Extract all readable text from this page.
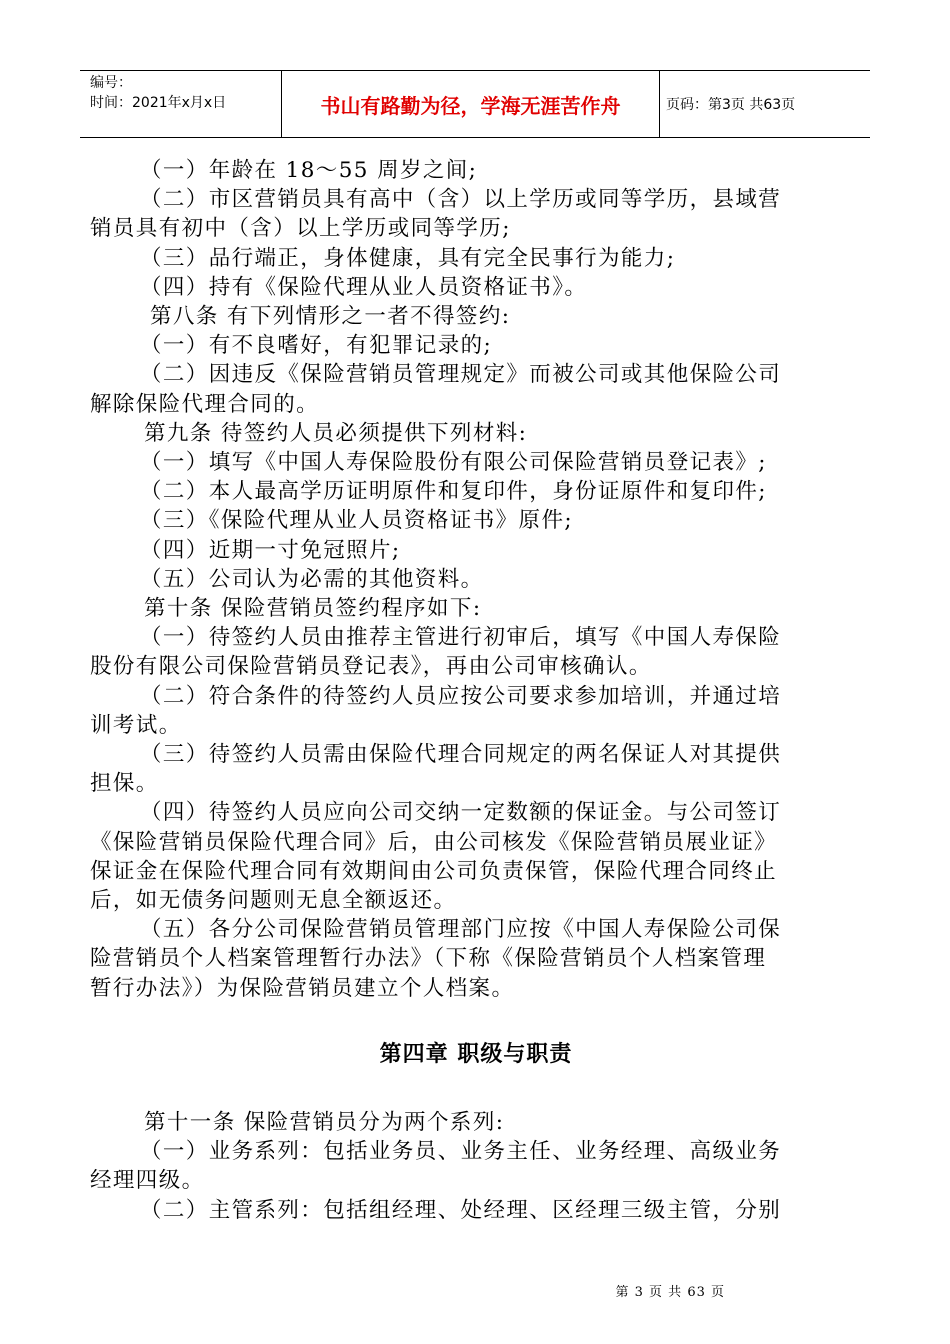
编号：
时间：2021年x月x日	书山有路勤为径，学海无涯苦作舟	页码：第3页 共63页

（一）年龄在 18～55 周岁之间;

（二）市区营销员具有高中（含）以上学历或同等学历，县域营

销员具有初中（含）以上学历或同等学历;

（三）品行端正，身体健康，具有完全民事行为能力;

（四）持有《保险代理从业人员资格证书》。

第八条 有下列情形之一者不得签约:

（一）有不良嗜好，有犯罪记录的;

（二）因违反《保险营销员管理规定》而被公司或其他保险公司

解除保险代理合同的。

第九条 待签约人员必须提供下列材料:

（一）填写《中国人寿保险股份有限公司保险营销员登记表》;

（二）本人最高学历证明原件和复印件，身份证原件和复印件;

（三）《保险代理从业人员资格证书》原件;

（四）近期一寸免冠照片;

（五）公司认为必需的其他资料。

第十条 保险营销员签约程序如下:

（一）待签约人员由推荐主管进行初审后，填写《中国人寿保险

股份有限公司保险营销员登记表》，再由公司审核确认。

（二）符合条件的待签约人员应按公司要求参加培训，并通过培

训考试。

（三）待签约人员需由保险代理合同规定的两名保证人对其提供

担保。

（四）待签约人员应向公司交纳一定数额的保证金。与公司签订

《保险营销员保险代理合同》后，由公司核发《保险营销员展业证》

保证金在保险代理合同有效期间由公司负责保管，保险代理合同终止

后，如无债务问题则无息全额返还。

（五）各分公司保险营销员管理部门应按《中国人寿保险公司保

险营销员个人档案管理暂行办法》（下称《保险营销员个人档案管理

暂行办法》）为保险营销员建立个人档案。

第四章 职级与职责

第十一条 保险营销员分为两个系列:

（一）业务系列：包括业务员、业务主任、业务经理、高级业务

经理四级。

（二）主管系列：包括组经理、处经理、区经理三级主管，分别

第 3 页 共 63 页
